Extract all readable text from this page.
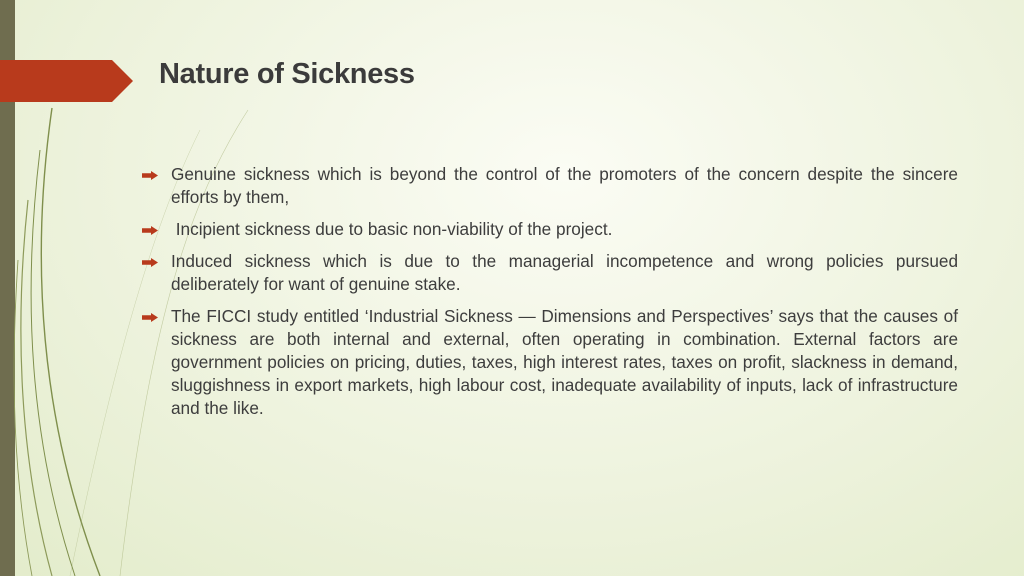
Nature of Sickness
Genuine sickness which is beyond the control of the promoters of the concern despite the sincere efforts by them,
Incipient sickness due to basic non-viability of the project.
Induced sickness which is due to the managerial incompetence and wrong policies pursued deliberately for want of genuine stake.
The FICCI study entitled ‘Industrial Sickness — Dimensions and Perspectives’ says that the causes of sickness are both internal and external, often operating in combination. External factors are government policies on pricing, duties, taxes, high interest rates, taxes on profit, slackness in demand, sluggishness in export markets, high labour cost, inadequate availability of inputs, lack of infrastructure and the like.
